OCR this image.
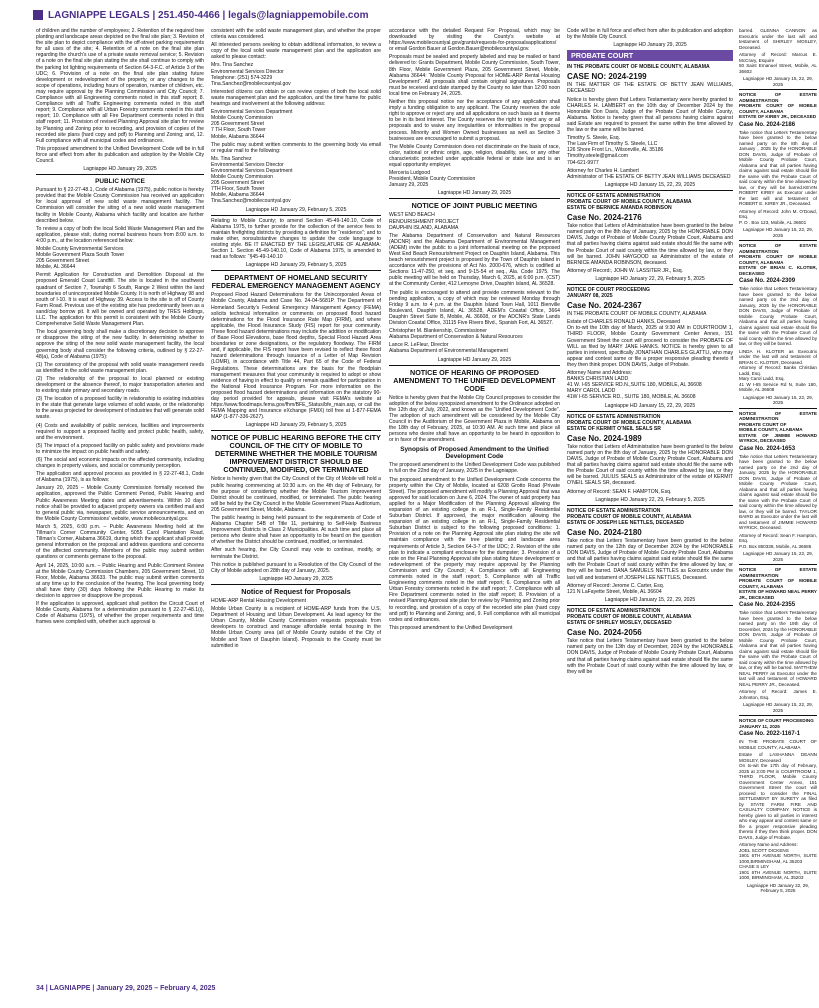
LAGNIAPPE LEGALS | 251.450-4466 | legals@lagniappemobile.com

of children and the number of employees; 2. Retention of the required tree planting and landscape areas depicted on the final site plan; 3. Revision of the site plan to depict compliance with the off-street parking requirements for all uses of the site; 4. Retention of a note on the final site plan regarding the church’s use of a private waste removal service; 5. Revision of a note on the final site plan stating the site shall continue to comply with the parking lot lighting requirements of Section 64-3-F.C. of Article 3 of the UDC; 6. Provision of a note on the final site plan stating future development or redevelopment of the property, or any changes to the scope of operations, including hours of operation, number of children, etc. may require approval by the Planning Commission and City Council; 7. Compliance with all Engineering comments noted in this staff report; 8. Compliance with all Traffic Engineering comments noted in this staff report; 9. Compliance with all Urban Forestry comments noted in this staff report; 10. Compliance with all Fire Department comments noted in this staff report; 11. Provision of revised Planning Approval site plan for review by Planning and Zoning prior to recording, and provision of copies of the recorded site plans (hard copy and pdf) to Planning and Zoning; and, 12. Full compliance with all municipal codes and ordinances.

This proposed amendment to the Unified Development Code will be in full force and effect from after its publication and adoption by the Mobile City Council.

Lagniappe HD January 29, 2025

PUBLIC NOTICE

Pursuant to § 22-27-48.1, Code of Alabama (1975), public notice is hereby provided that the Mobile County Commission has received an application for local approval of new solid waste management facility. The Commission will consider the siting of a new solid waste management facility in Mobile County, Alabama which facility and location are further described below.

To review a copy of both the local Solid Waste Management Plan and the application, please visit, during normal business hours from 8:00 a.m. to 4:00 p.m., at the location referenced below:

Mobile County Environmental Services
Mobile Government Plaza South Tower
205 Government Street
Mobile, AL 36644

Permit Application for Construction and Demolition Disposal at the proposed Emerald Coast Landfill. The site is located in the southwest quadrant of Section 7, Township 6 South, Range 2 West within the land boundaries of unincorporated Mobile County. It is north of Highway 98 and south of I-10. It is east of Highway 39. Access to the site is off of County Farm Road. Previous use of the existing site has predominantly been as a sand/clay borrow pit. It will be owned and operated by TRES Holdings, LLC. The application for this permit is consistent with the Mobile County Comprehensive Solid Waste Management Plan.

The local governing body shall make a discretionary decision to approve or disapprove the siting of the new facility. In determining whether to approve the siting of the new solid waste management facility, the local governing body shall consider the following criteria, outlined by § 22-27-48(a), Code of Alabama (1975):

(1) The consistency of the proposal with solid waste management needs as identified in the solid waste management plan.

(2) The relationship of the proposal to local planned or existing development or the absence thereof, to major transportation arteries and to existing state primary and secondary roads.

(3) The location of a proposed facility in relationship to existing industries in the state that generate large volumes of solid waste, or the relationship to the areas projected for development of industries that will generate solid waste.

(4) Costs and availability of public services, facilities and improvements required to support a proposed facility and protect public health, safety, and the environment.

(5) The impact of a proposed facility on public safety and provisions made to minimize the impact on public health and safety.

(6) The social and economic impacts on the affected community, including changes in property values, and social or community perception.

The application and approval process as provided in § 22-27-48.1, Code of Alabama (1975), is as follows:

January 20, 2025 – Mobile County Commission formally received the application, approved the Public Comment Period, Public Hearing and Public Awareness Meeting dates and advertisements. Within 10 days notice shall be provided to adjacent property owners via certified mail and to general public via, newspaper, public service announcements, and on the Mobile County Commissions’ website, www.mobilecountyal.gov.

March 5, 2025, 6:00 p.m. – Public Awareness Meeting held at the Tillman’s Corner Community Center, 5055 Carol Plantation Road, Tillman’s Corner, Alabama 36619, during which the applicant shall provide general information on the proposal and address questions and concerns of the affected community. Members of the public may submit written questions or comments germane to the proposal.

April 14, 2025, 10:00 a.m. – Public Hearing and Public Comment Review at the Mobile County Commission Chambers, 205 Government Street, 10 Floor, Mobile, Alabama 36633. The public may submit written comments at any time up to the conclusion of the hearing. The local governing body shall have thirty (30) days following the Public Hearing to make its decision to approve or disapprove the proposal.

If the application is approved, applicant shall petition the Circuit Court of Mobile County, Alabama for a determination pursuant to § 22-27-48.1(i), Code of Alabama (1975), of whether the proper requirements and time frames were complied with, whether such approval is

consistent with the solid waste management plan, and whether the proper criteria was considered.

All interested persons seeking to obtain additional information, to review a copy of the local solid waste management plan and the application are asked to please contact:

Mrs. Tina Sanchez
Environmental Services Director
Telephone: (251) 574-3229
Tina.Sanchez@mobilecountyal.gov

Interested citizens can obtain or can review copies of both the local solid waste management plan and the application, and the time frame for public hearings and involvement at the following address:

Environmental Services Department
Mobile County Commission
205 Government Street
7 TH Floor, South Tower
Mobile, Alabama 36644

The public may submit written comments to the governing body via email or regular mail to the following:

Ms. Tina Sanchez
Environmental Services Director
Environmental Services Department
Mobile County Commission
205 Government Street
7TH Floor, South Tower
Mobile, Alabama 36644
Tina.Sanchez@mobilecountyal.gov

Lagniappe HD January 29, February 5, 2025

Relating to Mobile County; to amend Section 45-49-140.10, Code of Alabama 1975, to further provide for the collection of the service fees to maintain firefighting districts by providing a definition for “residence”; and to make other, nonsubstantive changes to update the code language to existing style. BE IT ENACTED BY THE LEGISLATURE OF ALABAMA: Section 1. Section 45-49-140.10, Code of Alabama 1975, is amended to read as follows: “§45-49-140.10

Lagniappe HD January 29, February 5, 2025

DEPARTMENT OF HOMELAND SECURITY FEDERAL EMERGENCY MANAGEMENT AGENCY

Proposed Flood Hazard Determinations for the Unincorporated Areas of Mobile County, Alabama and Case No. 24-04-5681P. The Department of Homeland Security’s Federal Emergency Management Agency (FEMA) solicits technical information or comments on proposed flood hazard determinations for the Flood Insurance Rate Map (FIRM), and where applicable, the Flood Insurance Study (FIS) report for your community. These flood hazard determinations may include the addition or modification of Base Flood Elevations, base flood depths, Special Flood Hazard Area boundaries or zone designations, or the regulatory floodway. The FIRM and, if applicable, the FIS report have been revised to reflect these flood hazard determinations through issuance of a Letter of Map Revision (LOMR), in accordance with Title 44, Part 65 of the Code of Federal Regulations. These determinations are the basis for the floodplain management measures that your community is required to adopt or show evidence of having in effect to qualify or remain qualified for participation in the National Flood Insurance Program. For more information on the proposed flood hazard determinations and information on the statutory 90-day period provided for appeals, please visit FEMA’s website at https://www.floodmaps.fema.gov/fhm/BFE_Status/bfe_main.asp, or call the FEMA Mapping and Insurance eXchange (FMIX) toll free at 1-877-FEMA MAP (1-877-336-2627).

Lagniappe HD January 29, February 5, 2025

NOTICE OF PUBLIC HEARING BEFORE THE CITY COUNCIL OF THE CITY OF MOBILE TO DETERMINE WHETHER THE MOBILE TOURISM IMPROVEMENT DISTRICT SHOULD BE CONTINUED, MODIFIED, OR TERMINATED

Notice is hereby given that the City Council of the City of Mobile will hold a public hearing commencing at 10:30 a.m. on the 4th day of February, for the purpose of considering whether the Mobile Tourism Improvement District should be continued, modified, or terminated. The public hearing will be held by the City Council in the Mobile Government Plaza Auditorium, 205 Government Street, Mobile, Alabama.

The public hearing is being held pursuant to the requirements of Code of Alabama Chapter 54B of Title 11, pertaining to Self-Help Business Improvement Districts in Class 2 Municipalities. At such time and place all persons who desire shall have an opportunity to be heard on the question of whether the District should be continued, modified, or terminated.

After such hearing, the City Council may vote to continue, modify, or terminate the District.

This notice is published pursuant to a Resolution of the City Council of the City of Mobile adopted on 28th day of January, 2025.

Lagniappe HD January 29, 2025

Notice of Request for Proposals

HOME-ARP Rental Housing Development

Mobile Urban County is a recipient of HOME-ARP funds from the U.S. Department of Housing and Urban Development. As lead agency for the Urban County, Mobile County Commission requests proposals from developers to construct and manage affordable rental housing in the Mobile Urban County area (all of Mobile County outside of the City of Mobile and Town of Dauphin Island). Proposals to the County must be submitted in

accordance with the detailed Request For Proposal, which may be downloaded by visiting the County’s website at https://www.mobilecountyal.gov/grants/requests-for-proposalsapplications/ or email Gordon Bauer at Gordon.Bauer@mobilecountyal.gov.

Proposals must be sealed and properly labeled and may be mailed or hand delivered to: Grants Department, Mobile County Commission, South Tower, 8th Floor, Mobile Government Plaza, 205 Government Street, Mobile, Alabama 36644: “Mobile County Proposal for HOME-ARP Rental Housing Development”. All proposals shall contain original signatures. Proposals must be received and date stamped by the County no later than 12:00 noon local time on February 24, 2025.

Neither this proposal notice nor the acceptance of any application shall imply a funding obligation to any applicant. The County reserves the sole right to approve or reject any and all applications on such basis as it deems to be in its best interest. The County reserves the right to reject any or all proposals and to waive any irregularities or informalities in the proposal process. Minority and Women Owned businesses as well as Section 3 businesses are encouraged to submit a proposal.

The Mobile County Commission does not discriminate on the basis of race, color, national or ethnic origin, age, religion, disability, sex, or any other characteristic protected under applicable federal or state law and is an equal opportunity employer.

Merceria Ludgood
President, Mobile County Commission
January 29, 2025

Lagniappe HD January 29, 2025

NOTICE OF JOINT PUBLIC MEETING

WEST END BEACH
RENOURISHMENT PROJECT
DAUPHIN ISLAND, ALABAMA

The Alabama Department of Conservation and Natural Resources (ADCNR) and the Alabama Department of Environmental Management (ADEM) invite the public to a joint informational meeting on the proposed West End Beach Renourishment Project on Dauphin Island, Alabama. This beach renourishment project is proposed by the Town of Dauphin Island in accordance with the provisions of Act No. 2000-676, which is codified at Sections 11-47-250, et seq. and 9-15-54 et seq., Ala. Code 1975. The public meeting will be held on Thursday, March 6, 2025, at 6:00 p.m. (CST) at the Community Center, 412 Lemoyne Drive, Dauphin Island, AL 36528.

The public is encouraged to attend and provide comments relevant to the pending application, a copy of which may be reviewed Monday through Friday 9 a.m. to 4 p.m. at the Dauphin Island Town Hall, 1011 Bienville Boulevard, Dauphin Island, AL 36528, ADEM’s Coastal Office, 3664 Dauphin Street Suite B, Mobile, AL 36608, or the ADCNR’s State Lands Division Coastal Office, 31115 Five Rivers Blvd., Spanish Fort, AL 36527.

Christopher M. Blankenship, Commissioner
Alabama Department of Conservation & Natural Resources

Lance R. LeFleur, Director
Alabama Department of Environmental Management

Lagniappe HD January 29, 2025

NOTICE OF HEARING OF PROPOSED AMENDMENT TO THE UNIFIED DEVELOPMENT CODE

Notice is hereby given that the Mobile City Council proposes to consider the adoption of the below synopsized amendment to the Ordinance adopted on the 12th day of July, 2022, and known as the “Unified Development Code”. The adoption of such amendment will be considered by the Mobile City Council in the Auditorium of the Government Plaza in Mobile, Alabama on the 18th day of February, 2025, at 10:30 AM. At such time and place all persons who desire shall have an opportunity to be heard in opposition to or in favor of the amendment.

Synopsis of Proposed Amendment to the Unified Development Code

The proposed amendment to the Unified Development Code was published in full on the 22nd day of January, 2025 in the Lagniappe.

The proposed amendment to the Unified Development Code concerns the property within the City of Mobile, located at 6208 Grotto Road (Private Street). The proposed amendment will modify a Planning Approval that was approved for said location on June 6, 2024. The owner of said property has applied for a Major Modification of the Planning Approval allowing the expansion of an existing college in an R-1, Single-Family Residential Suburban District. If approved, the major modification allowing the expansion of an existing college in an R-1, Single-Family Residential Suburban District is subject to the following proposed conditions: 1. Provision of a note on the Planning Approval site plan stating the site will maintain compliance with the tree planting and landscape area requirements of Article 3, Section 64-3-7 of the UDC; 2. Revision of the site plan to indicate a compliant enclosure for the dumpster; 3. Provision of a note on the Final Planning Approval site plan stating future development or redevelopment of the property may require approval by the Planning Commission and City Council; 4. Compliance with all Engineering comments noted in the staff report; 5. Compliance with all Traffic Engineering comments noted in the staff report; 6. Compliance with all Urban Forestry comments noted in the staff report; 7. Compliance with all Fire Department comments noted in the staff report; 8. Provision of a revised Planning Approval site plan for review by Planning and Zoning prior to recording, and provision of a copy of the recorded site plan (hard copy and pdf) to Planning and Zoning; and, 9. Full compliance with all municipal codes and ordinances.

This proposed amendment to the Unified Development

Code will be in full force and effect from after its publication and adoption by the Mobile City Council.

Lagniappe HD January 29, 2025

PROBATE COURT

IN THE PROBATE COURT OF MOBILE COUNTY, ALABAMA

CASE NO: 2024-2199

IN THE MATTER OF THE ESTATE OF BETTY JEAN WILLIAMS, DECEASED

Notice is hereby given that Letters Testamentary were hereby granted to CHARLES H. LAMBERT on the 10th day of December 2024 by the Honorable Don Davis, Judge of the Probate Court of Mobile County, Alabama. Notice is hereby given that all persons having claims against said Estate are required to present the same within the time allowed by the law or the same will be barred.

Timothy S. Steele, Esq.
The Law Firm of Timothy S. Steele, LLC
126 Shore Front Ln., Wilsonville, AL 35186
Timothy.steele@gmail.com
704-621-9977

Attorney for Charles H. Lambert
Administrator of THE ESTATE OF BETTY JEAN WILLIAMS DECEASED

Lagniappe HD January 15, 22, 29, 2025

NOTICE OF ESTATE ADMINISTRATION
PROBATE COURT OF MOBILE COUNTY, ALABAMA
ESTATE OF BERNICE AMANDA ROBINSON

Case No. 2024-2176

Take notice that Letters of Administration have been granted to the below named party on the 8th day of January, 2025 by the HONORABLE DON DAVIS, Judge of Probate of Mobile County Probate Court, Alabama and that all parties having claims against said estate should file the same with the Probate Court of said county within the time allowed by law, or they will be barred. JOHN HAYGOOD as Administrator of the estate of BERNICE AMANDA ROBINSON, deceased.

Attorney of Record:, JOHN W. LASSITER JR., Esq.

Lagniappe HD January 22, 29, February 5, 2025

NOTICE OF COURT PROCEEDING
JANUARY 08, 2025

Case No. 2024-2367

IN THE PROBATE COURT OF MOBILE COUNTY, ALABAMA

Estate of CHARLES RONALD HANKS, Deceased
On to-wit the 10th day of March, 2025 at 9:30 AM in COURTROOM 1, THIRD FLOOR, Mobile County Government Center Annex, 151 Government Street the court will proceed to consider the PROBATE OF WILL as filed by MARY JANE HANKS. NOTICE is hereby given to all parties in interest, specifically JONATHAN CHARLES GLATTLI, who may appear and contest same or file a proper responsive pleading thereto if they then think proper. DON DAVIS, Judge of Probate.

Attorney Name and Address:
BANKS CHRISTIAN LADD
41 W. I-65 SERVICE RD.N.,SUITE 180, MOBILE, AL 36608
MARY CAROL LADD
41W I-65 SERVICE RD., SUITE 180, MOBILE, AL 36608

Lagniappe HD January 15, 22, 29, 2025

NOTICE OF ESTATE ADMINISTRATION
PROBATE COURT OF MOBILE COUNTY, ALABAMA
ESTATE OF KERMIT O’NEIL SEALS SR

Case No. 2024-1989

Take notice that Letters of Administration have been granted to the below named party on the 8th day of January, 2025 by the HONORABLE DON DAVIS, Judge of Probate of Mobile County Probate Court, Alabama and that all parties having claims against said estate should file the same with the Probate Court of said county within the time allowed by law, or they will be barred. JULIUS SEALS as Administrator of the estate of KERMIT O’NEIL SEALS SR, deceased.

Attorney of Record: SEAN F. HAMPTON, Esq.

Lagniappe HD January 22, 29, February 5, 2025

NOTICE OF ESTATE ADMINISTRATION
PROBATE COURT OF MOBILE COUNTY, ALABAMA
ESTATE OF JOSEPH LEE NETTLES, DECEASED

Case No. 2024-2180

Take notice that Letters Testamentary have been granted to the below named party on the 12th day of December 2024 by the HONORABLE DON DAVIS, Judge of Probate of Mobile County Probate Court, Alabama and that all parties having claims against said estate should file the same with the Probate Court of said county within the time allowed by law, or they will be barred. DANA SAMUELS NETTLES as Executrix under the last will and testament of JOSEPH LEE NETTLES, Deceased.

Attorney of Record: Jerome C. Carter, Esq.
121 N LaFayette Street, Mobile, AL 36604

Lagniappe HD January 15, 22, 29, 2025

NOTICE OF ESTATE ADMINISTRATION
PROBATE COURT OF MOBILE COUNTY, ALABAMA
ESTATE OF SHIRLEY MOSLEY, DECEASED

Case No. 2024-2056

Take notice that Letters Testamentary have been granted to the below named party on the 13th day of December, 2024 by the HONORABLE DON DAVIS, Judge of Probate of Mobile County Probate Court, Alabama and that all parties having claims against said estate should file the same with the Probate Court of said county within the time allowed by law, or they will be

barred. GLENNA CANNON as Executrix under the last will and testament of SHIRLEY MOSLEY, Deceased.

Attorney of Record: Marcus E. McCrary, Esquire
50 Saint Emanuel Street, Mobile, AL 36602

Lagniappe HD January 15, 22, 29, 2025

NOTICE OF ESTATE ADMINISTRATION
PROBATE COURT OF MOBILE COUNTY, ALABAMA
ESTATE OF KIRBY JR., DECEASED

Case No. 2024-2186

Take notice that Letters Testamentary have been granted to the below named party on the 8th day of January , 2025 by the HONORABLE DON DAVIS, Judge of Probate of Mobile County Probate Court, Alabama and that all parties having claims against said estate should file the same with the Probate Court of said county within the time allowed by law, or they will be barred.KEVIN ROBERT KIRBY as Executor under the last will and testament of ROBERT E. KIRBY JR., Deceased.

Attorney of Record: John M. O’Dowd, Esq.
P. O . Box 123, Mobile, AL 36601

Lagniappe HD January 15, 22, 29, 2025

NOTICE OF ESTATE ADMINISTRATION
PROBATE COURT OF MOBILE COUNTY, ALABAMA
ESTATE OF BRIAN C. KLOTER, DECEASED

Case No. 2024-2309

Take notice that Letters Testamentary have been granted to the below named party on the 2nd day of January, 2025 by the HONORABLE DON DAVIS, Judge of Probate of Mobile County Probate Court, Alabama and that all parties having claims against said estate should file the same with the Probate Court of said county within the time allowed by law, or they will be barred.

LINDA H. KLOTER as Executrix under the last will and testament of BRIAN C. KLOTER, Deceased.
Attorney of Record: Banks Christian Ladd, Esq.
Mary Carol Ladd, Esq.
41 W I-65 Service Rd N, Suite 180, Mobile, AL 36608

Lagniappe HD January 15, 22, 29, 2025

NOTICE OF ESTATE ADMINISTRATION
PROBATE COURT OF
MOBILE COUNTY, ALABAMA
ESTATE OF JIMMIE HOWARD WYRICK, DECEASED

Case No. 2024-1653

Take notice that Letters Testamentary have been granted to the below named party on the 2nd day of January, 2025 by the HONORABLE DON DAVIS, Judge of Probate of Mobile County Probate Court, Alabama and that all parties having claims against said estate should file the same with the Probate Court of said county within the time allowed by law, or they will be barred. TAYLOR BAIRD as Executor under the last will and testament of JIMMIE HOWARD WYRICK, Deceased.

Attorney of Record: Sean F. Hampton, Esq.
P.O. Box 850338, Mobile, AL 36685

Lagniappe HD January 15, 22, 29, 2025

NOTICE OF ESTATE ADMINISTRATION
PROBATE COURT OF MOBILE COUNTY, ALABAMA
ESTATE OF HOWARD NEAL PERRY JR., DECEASED

Case No. 2024-2355

Take notice that Letters Testamentary have been granted to the below named party on the 19th day of December, 2024 by the HONORABLE DON DAVIS, Judge of Probate of Mobile County Probate Court, Alabama and that all parties having claims against said estate should file the same with the Probate Court of said county within the time allowed by law, or they will be barred. MATTHEW NEAL PERRY as Executor under the last will and testament of HOWARD NEAL PERRY JR., Deceased.

Attorney of Record: James E. Johnston, Esq.

Lagniappe HD January 15, 22, 29, 2025

NOTICE OF COURT PROCEEDING
JANUARY 11, 2025

Case No. 2022-1167-1

IN THE PROBATE COURT OF MOBILE COUNTY, ALABAMA

Estate of LASHANNA DEANN MOSLEY, Deceased
On to-wit the 17th day of February, 2025 at 2:00 PM in COURTROOM 1, THIRD FLOOR, Mobile County Government Center Annex, 151 Government Street the court will proceed to consider the FINAL SETTLEMENT BY SURETY as filed by STATE FARM FIRE AND CASUALTY COMPANY. NOTICE is hereby given to all parties in interest who may appear and contest same or file a proper responsive pleading thereto if they then think proper. DON DAVIS, Judge of Probate.

Attorney Name and Address:
JOEL SCOTT DICKENS
1901 6TH AVENUE NORTH, SUITE 1000,BIRMINGHAM, AL 35203
CHASE S LEY
1901 6TH AVENUE NORTH, SUITE 1000, BIRMINGHAM, AL 35203

Lagniappe HD January 22, 29, February 5, 2025

34 | LAGNIAPPE | January 29, 2025 – February 4, 2025
